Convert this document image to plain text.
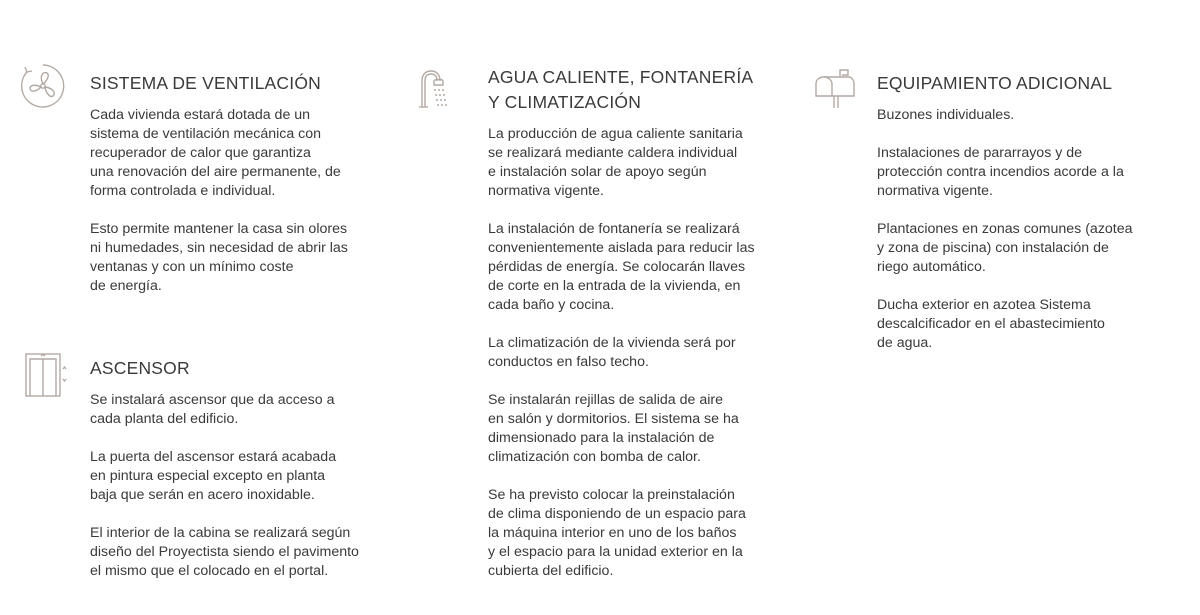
SISTEMA DE VENTILACIÓN

Cada vivienda estará dotada de un
sistema de ventilación mecánica con
recuperador de calor que garantiza
una renovación del aire permanente, de
forma controlada e individual.

Esto permite mantener la casa sin olores
ni humedades, sin necesidad de abrir las
ventanas y con un mínimo coste
de energía.

ASCENSOR

Se instalará ascensor que da acceso a
cada planta del edificio.

La puerta del ascensor estará acabada
en pintura especial excepto en planta
baja que serán en acero inoxidable.

El interior de la cabina se realizará según
diseño del Proyectista siendo el pavimento
el mismo que el colocado en el portal.

AGUA CALIENTE, FONTANERÍA
Y CLIMATIZACIÓN

La producción de agua caliente sanitaria
se realizará mediante caldera individual
e instalación solar de apoyo según
normativa vigente.

La instalación de fontanería se realizará
convenientemente aislada para reducir las
pérdidas de energía. Se colocarán llaves
de corte en la entrada de la vivienda, en
cada baño y cocina.

La climatización de la vivienda será por
conductos en falso techo.

Se instalarán rejillas de salida de aire
en salón y dormitorios. El sistema se ha
dimensionado para la instalación de
climatización con bomba de calor.

Se ha previsto colocar la preinstalación
de clima disponiendo de un espacio para
la máquina interior en uno de los baños
y el espacio para la unidad exterior en la
cubierta del edificio.

EQUIPAMIENTO ADICIONAL

Buzones individuales.

Instalaciones de pararrayos y de
protección contra incendios acorde a la
normativa vigente.

Plantaciones en zonas comunes (azotea
y zona de piscina) con instalación de
riego automático.

Ducha exterior en azotea Sistema
descalcificador en el abastecimiento
de agua.
